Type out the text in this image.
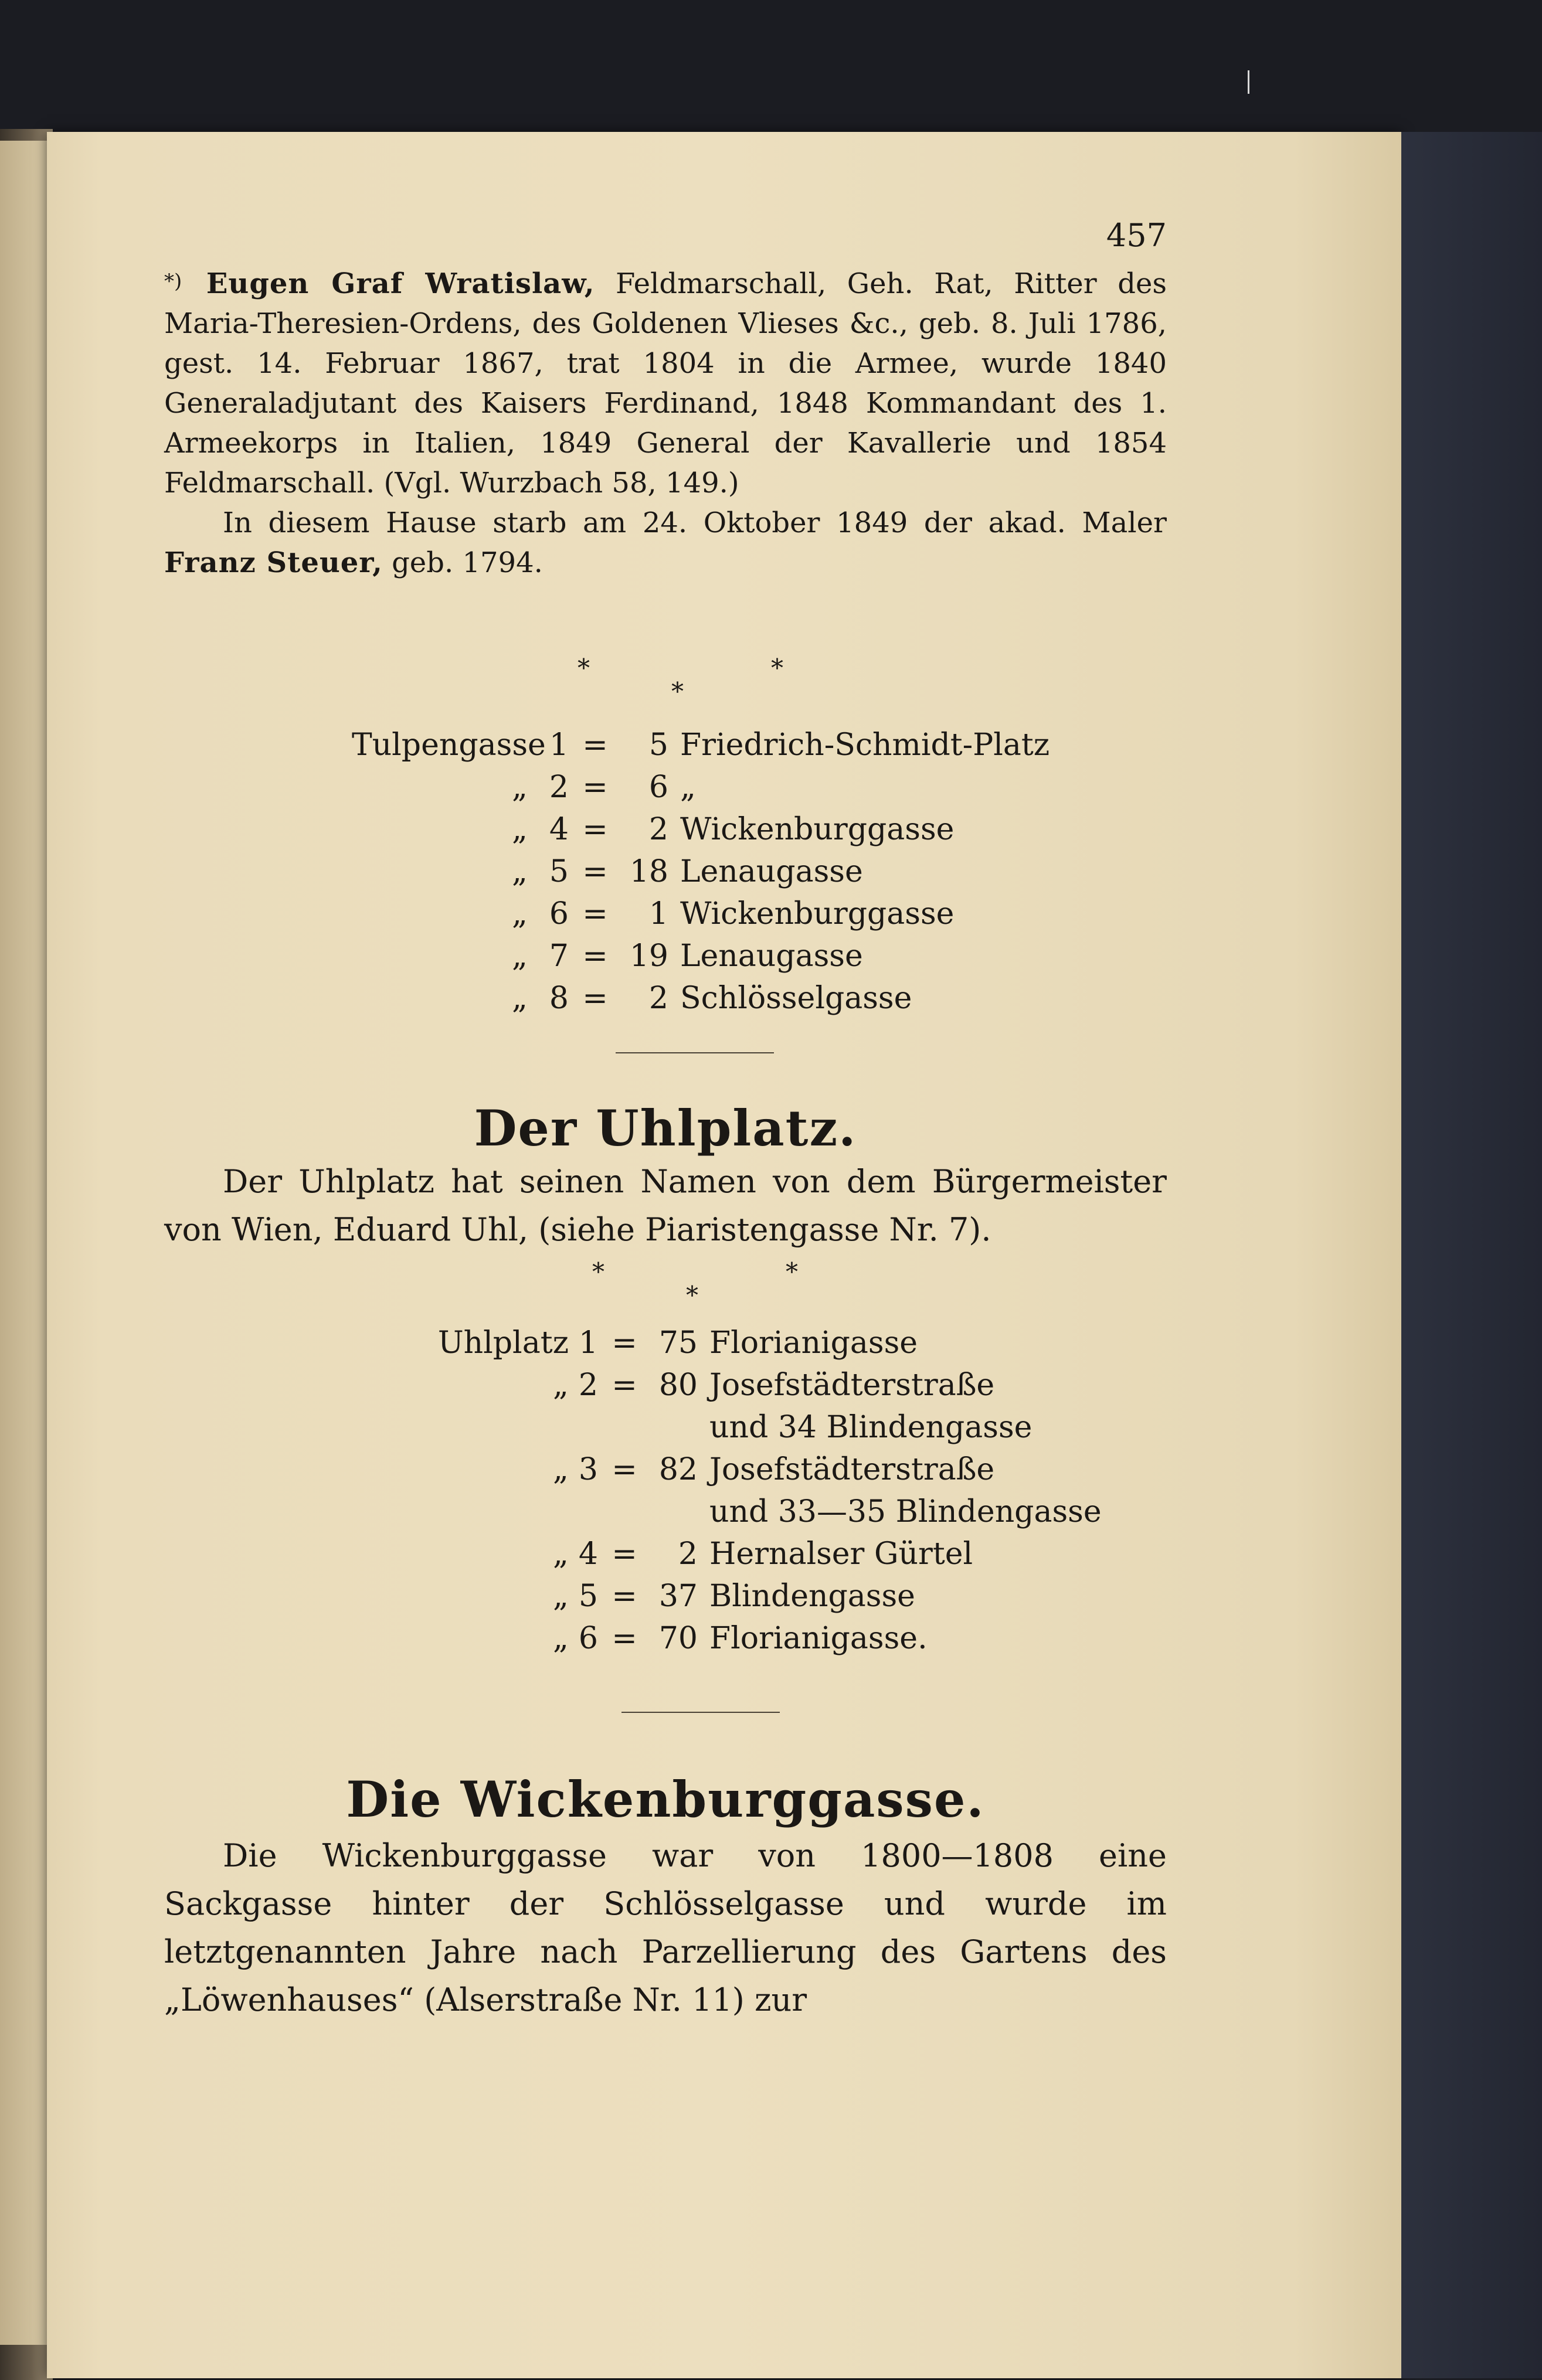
457

*) Eugen Graf Wratislaw, Feldmarschall, Geh. Rat, Ritter des Maria-Theresien-Ordens, des Goldenen Vlieses &c., geb. 8. Juli 1786, gest. 14. Februar 1867, trat 1804 in die Armee, wurde 1840 Generaladjutant des Kaisers Ferdinand, 1848 Kommandant des 1. Armeekorps in Italien, 1849 General der Kavallerie und 1854 Feldmarschall. (Vgl. Wurzbach 58, 149.)

In diesem Hause starb am 24. Oktober 1849 der akad. Maler Franz Steuer, geb. 1794.

*
*
*
Tulpengasse 1 =	5 Friedrich-Schmidt-Platz
„ 2 =	6 „
„ 4 =	2 Wickenburggasse
„ 5 = 18 Lenaugasse
„ 6 =	1 Wickenburggasse
„ 7 = 19 Lenaugasse
„ 8 =	2 Schlösselgasse
Der Uhlplatz.

Der Uhlplatz hat seinen Namen von dem Bürgermeister von Wien, Eduard Uhl, (siehe Piaristengasse Nr. 7).

*
*
*
Uhlplatz 1 = 75 Florianigasse
„ 2 = 80 Josefstädterstraße
und 34 Blindengasse
„ 3 = 82 Josefstädterstraße
und 33—35 Blindengasse
„ 4 =	2 Hernalser Gürtel
„ 5 = 37 Blindengasse
„ 6 = 70 Florianigasse.
Die Wickenburggasse.

Die Wickenburggasse war von 1800—1808 eine Sackgasse hinter der Schlösselgasse und wurde im letztgenannten Jahre nach Parzellierung des Gartens des „Löwenhauses“ (Alserstraße Nr. 11) zur
